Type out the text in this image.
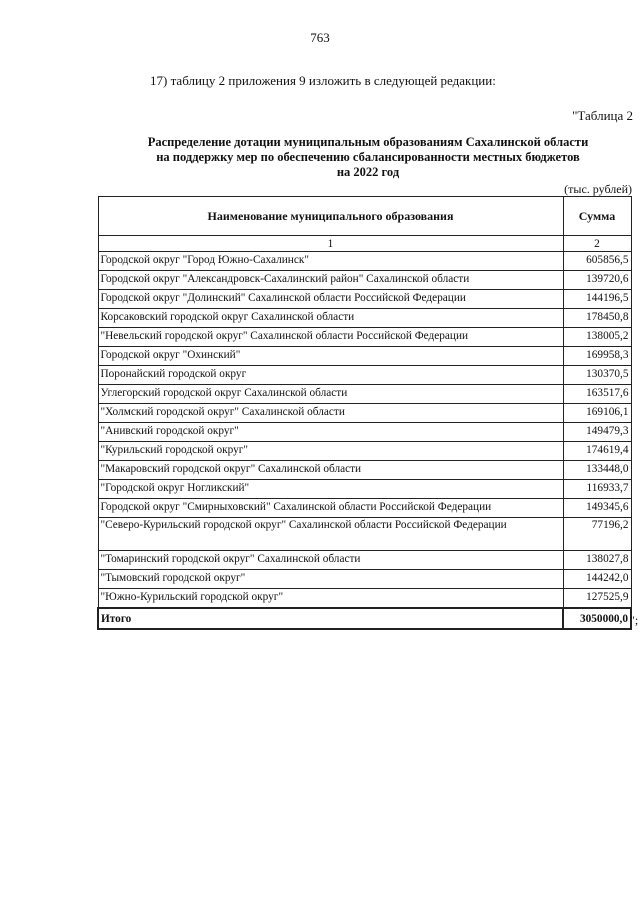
763
17) таблицу 2 приложения 9 изложить в следующей редакции:
"Таблица 2
Распределение дотации муниципальным образованиям Сахалинской области
на поддержку мер по обеспечению сбалансированности местных бюджетов
на 2022 год
(тыс. рублей)
Наименование муниципального образования	Сумма
1	2
Городской округ "Город Южно-Сахалинск"	605856,5
Городской округ "Александровск-Сахалинский район" Сахалинской области	139720,6
Городской округ "Долинский" Сахалинской области Российской Федерации	144196,5
Корсаковский городской округ Сахалинской области	178450,8
"Невельский городской округ" Сахалинской области Российской Федерации	138005,2
Городской округ "Охинский"	169958,3
Поронайский городской округ	130370,5
Углегорский городской округ Сахалинской области	163517,6
"Холмский городской округ" Сахалинской области	169106,1
"Анивский городской округ"	149479,3
"Курильский городской округ"	174619,4
"Макаровский городской округ" Сахалинской области	133448,0
"Городской округ Ногликский"	116933,7
Городской округ "Смирныховский" Сахалинской области Российской Федерации	149345,6
"Северо-Курильский городской округ" Сахалинской области Российской Федерации	77196,2
"Томаринский городской округ" Сахалинской области	138027,8
"Тымовский городской округ"	144242,0
"Южно-Курильский городской округ"	127525,9
Итого	3050000,0 ";
